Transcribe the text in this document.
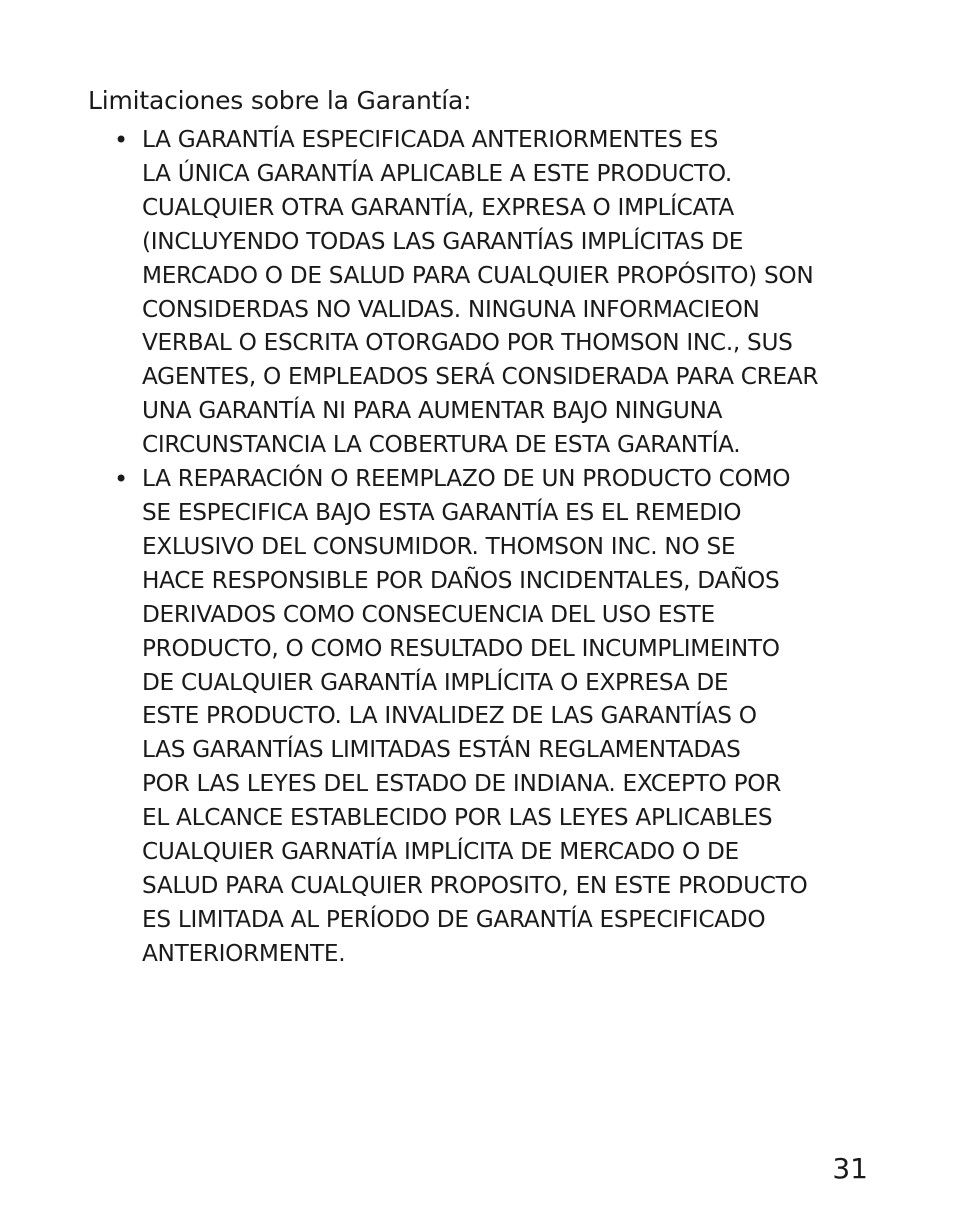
Limitaciones sobre la Garantía:
• LA GARANTÍA ESPECIFICADA ANTERIORMENTES ES
LA ÚNICA GARANTÍA APLICABLE A ESTE PRODUCTO.
CUALQUIER OTRA GARANTÍA, EXPRESA O IMPLÍCATA
(INCLUYENDO TODAS LAS GARANTÍAS IMPLÍCITAS DE
MERCADO O DE SALUD PARA CUALQUIER PROPÓSITO) SON
CONSIDERDAS NO VALIDAS. NINGUNA INFORMACIEON
VERBAL O ESCRITA OTORGADO POR THOMSON INC., SUS
AGENTES, O EMPLEADOS SERÁ CONSIDERADA PARA CREAR
UNA GARANTÍA NI PARA AUMENTAR BAJO NINGUNA
CIRCUNSTANCIA LA COBERTURA DE ESTA GARANTÍA.
• LA REPARACIÓN O REEMPLAZO DE UN PRODUCTO COMO
SE ESPECIFICA BAJO ESTA GARANTÍA ES EL REMEDIO
EXLUSIVO DEL CONSUMIDOR. THOMSON INC. NO SE
HACE RESPONSIBLE POR DAÑOS INCIDENTALES, DAÑOS
DERIVADOS COMO CONSECUENCIA DEL USO ESTE
PRODUCTO, O COMO RESULTADO DEL INCUMPLIMEINTO
DE CUALQUIER GARANTÍA IMPLÍCITA O EXPRESA DE
ESTE PRODUCTO. LA INVALIDEZ DE LAS GARANTÍAS O
LAS GARANTÍAS LIMITADAS ESTÁN REGLAMENTADAS
POR LAS LEYES DEL ESTADO DE INDIANA. EXCEPTO POR
EL ALCANCE ESTABLECIDO POR LAS LEYES APLICABLES
CUALQUIER GARNATÍA IMPLÍCITA DE MERCADO O DE
SALUD PARA CUALQUIER PROPOSITO, EN ESTE PRODUCTO
ES LIMITADA AL PERÍODO DE GARANTÍA ESPECIFICADO
ANTERIORMENTE.
31
